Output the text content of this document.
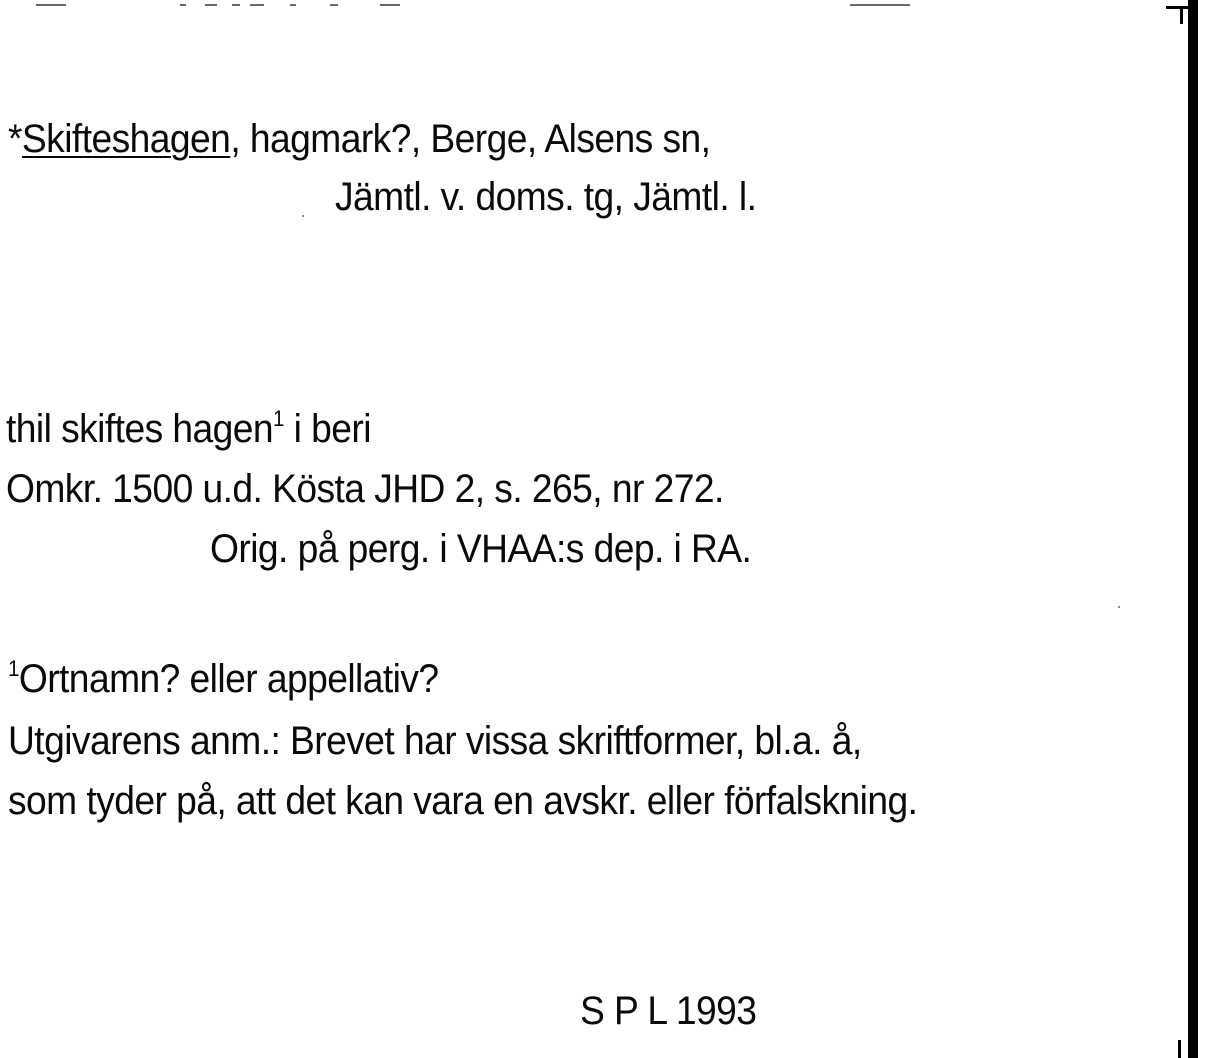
*Skifteshagen, hagmark?, Berge, Alsens sn,
Jämtl. v. doms. tg, Jämtl. l.
thil skiftes hagen$^1$ i beri
Omkr. 1500 u.d. Kösta JHD 2, s. 265, nr 272.
Orig. på perg. i VHAA:s dep. i RA.
$^1$Ortnamn? eller appellativ?
Utgivarens anm.: Brevet har vissa skriftformer, bl.a. å,
som tyder på, att det kan vara en avskr. eller förfalskning.
S P L 1993
